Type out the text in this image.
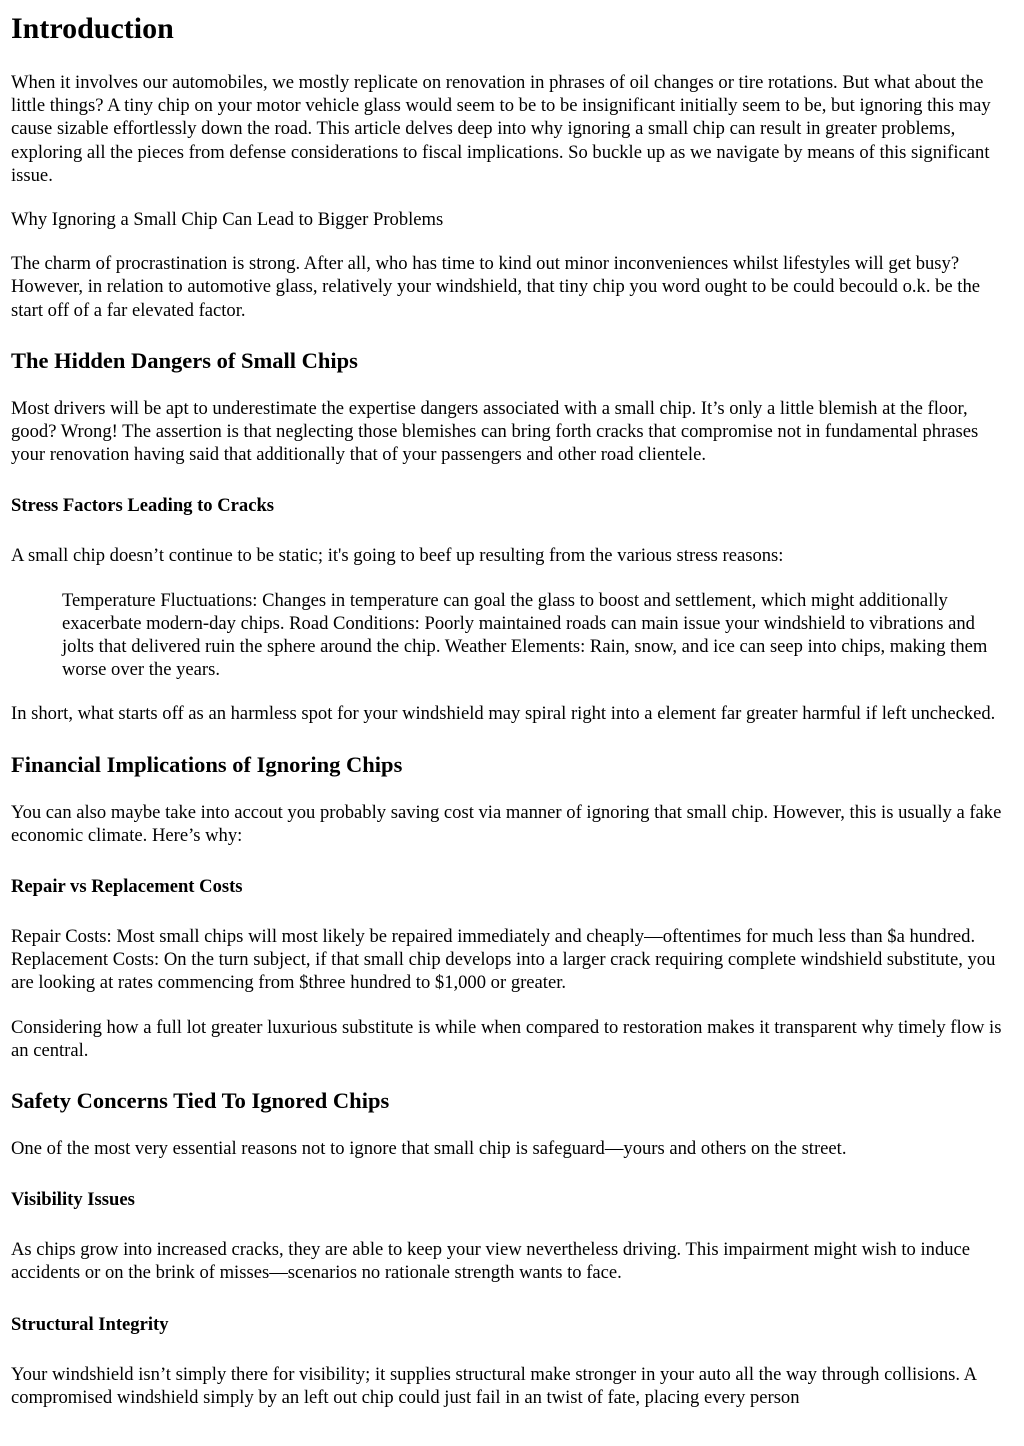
Introduction

When it involves our automobiles, we mostly replicate on renovation in phrases of oil changes or tire rotations. But what about the little things? A tiny chip on your motor vehicle glass would seem to be to be insignificant initially seem to be, but ignoring this may cause sizable effortlessly down the road. This article delves deep into why ignoring a small chip can result in greater problems, exploring all the pieces from defense considerations to fiscal implications. So buckle up as we navigate by means of this significant issue.

Why Ignoring a Small Chip Can Lead to Bigger Problems

The charm of procrastination is strong. After all, who has time to kind out minor inconveniences whilst lifestyles will get busy? However, in relation to automotive glass, relatively your windshield, that tiny chip you word ought to be could becould o.k. be the start off of a far elevated factor.

The Hidden Dangers of Small Chips

Most drivers will be apt to underestimate the expertise dangers associated with a small chip. It’s only a little blemish at the floor, good? Wrong! The assertion is that neglecting those blemishes can bring forth cracks that compromise not in fundamental phrases your renovation having said that additionally that of your passengers and other road clientele.

Stress Factors Leading to Cracks

A small chip doesn’t continue to be static; it's going to beef up resulting from the various stress reasons:

Temperature Fluctuations: Changes in temperature can goal the glass to boost and settlement, which might additionally exacerbate modern-day chips. Road Conditions: Poorly maintained roads can main issue your windshield to vibrations and jolts that delivered ruin the sphere around the chip. Weather Elements: Rain, snow, and ice can seep into chips, making them worse over the years.

In short, what starts off as an harmless spot for your windshield may spiral right into a element far greater harmful if left unchecked.

Financial Implications of Ignoring Chips

You can also maybe take into accout you probably saving cost via manner of ignoring that small chip. However, this is usually a fake economic climate. Here’s why:

Repair vs Replacement Costs

Repair Costs: Most small chips will most likely be repaired immediately and cheaply—oftentimes for much less than $a hundred. Replacement Costs: On the turn subject, if that small chip develops into a larger crack requiring complete windshield substitute, you are looking at rates commencing from $three hundred to $1,000 or greater.

Considering how a full lot greater luxurious substitute is while when compared to restoration makes it transparent why timely flow is an central.

Safety Concerns Tied To Ignored Chips

One of the most very essential reasons not to ignore that small chip is safeguard—yours and others on the street.

Visibility Issues

As chips grow into increased cracks, they are able to keep your view nevertheless driving. This impairment might wish to induce accidents or on the brink of misses—scenarios no rationale strength wants to face.

Structural Integrity

Your windshield isn’t simply there for visibility; it supplies structural make stronger in your auto all the way through collisions. A compromised windshield simply by an left out chip could just fail in an twist of fate, placing every person
